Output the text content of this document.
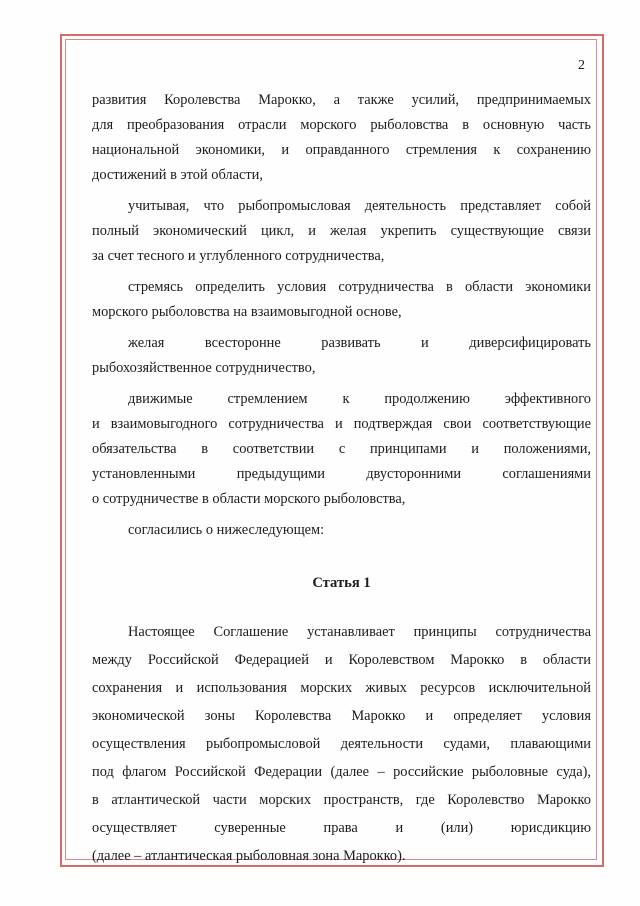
2

развития Королевства Марокко, а также усилий, предпринимаемых

для преобразования отрасли морского рыболовства в основную часть

национальной экономики, и оправданного стремления к сохранению

достижений в этой области,

учитывая, что рыбопромысловая деятельность представляет собой

полный экономический цикл, и желая укрепить существующие связи

за счет тесного и углубленного сотрудничества,

стремясь определить условия сотрудничества в области экономики

морского рыболовства на взаимовыгодной основе,

желая всесторонне развивать и диверсифицировать

рыбохозяйственное сотрудничество,

движимые стремлением к продолжению эффективного

и взаимовыгодного сотрудничества и подтверждая свои соответствующие

обязательства в соответствии с принципами и положениями,

установленными предыдущими двусторонними соглашениями

о сотрудничестве в области морского рыболовства,

согласились о нижеследующем:

Статья 1

Настоящее Соглашение устанавливает принципы сотрудничества

между Российской Федерацией и Королевством Марокко в области

сохранения и использования морских живых ресурсов исключительной

экономической зоны Королевства Марокко и определяет условия

осуществления рыбопромысловой деятельности судами, плавающими

под флагом Российской Федерации (далее – российские рыболовные суда),

в атлантической части морских пространств, где Королевство Марокко

осуществляет суверенные права и (или) юрисдикцию

(далее – атлантическая рыболовная зона Марокко).
